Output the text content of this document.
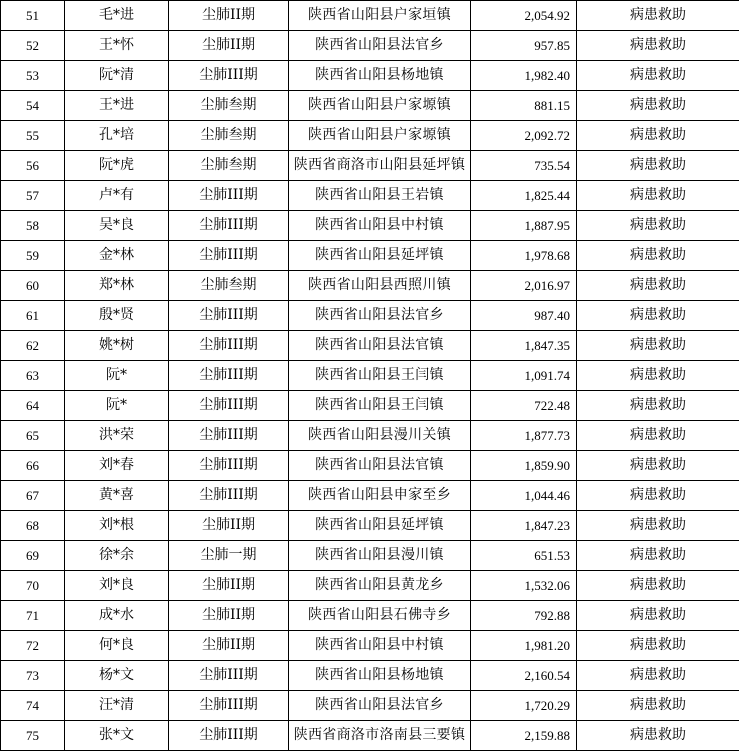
51	毛*进	尘肺II期	陕西省山阳县户家垣镇	2,054.92	病患救助
52	王*怀	尘肺II期	陕西省山阳县法官乡	957.85	病患救助
53	阮*清	尘肺III期	陕西省山阳县杨地镇	1,982.40	病患救助
54	王*进	尘肺叁期	陕西省山阳县户家塬镇	881.15	病患救助
55	孔*培	尘肺叁期	陕西省山阳县户家塬镇	2,092.72	病患救助
56	阮*虎	尘肺叁期	陕西省商洛市山阳县延坪镇	735.54	病患救助
57	卢*有	尘肺III期	陕西省山阳县王岩镇	1,825.44	病患救助
58	吴*良	尘肺III期	陕西省山阳县中村镇	1,887.95	病患救助
59	金*林	尘肺III期	陕西省山阳县延坪镇	1,978.68	病患救助
60	郑*林	尘肺叁期	陕西省山阳县西照川镇	2,016.97	病患救助
61	殷*贤	尘肺III期	陕西省山阳县法官乡	987.40	病患救助
62	姚*树	尘肺III期	陕西省山阳县法官镇	1,847.35	病患救助
63	阮*	尘肺III期	陕西省山阳县王闫镇	1,091.74	病患救助
64	阮*	尘肺III期	陕西省山阳县王闫镇	722.48	病患救助
65	洪*荣	尘肺III期	陕西省山阳县漫川关镇	1,877.73	病患救助
66	刘*春	尘肺III期	陕西省山阳县法官镇	1,859.90	病患救助
67	黄*喜	尘肺III期	陕西省山阳县申家至乡	1,044.46	病患救助
68	刘*根	尘肺II期	陕西省山阳县延坪镇	1,847.23	病患救助
69	徐*余	尘肺一期	陕西省山阳县漫川镇	651.53	病患救助
70	刘*良	尘肺II期	陕西省山阳县黄龙乡	1,532.06	病患救助
71	成*水	尘肺II期	陕西省山阳县石佛寺乡	792.88	病患救助
72	何*良	尘肺II期	陕西省山阳县中村镇	1,981.20	病患救助
73	杨*文	尘肺III期	陕西省山阳县杨地镇	2,160.54	病患救助
74	汪*清	尘肺III期	陕西省山阳县法官乡	1,720.29	病患救助
75	张*文	尘肺III期	陕西省商洛市洛南县三要镇	2,159.88	病患救助
